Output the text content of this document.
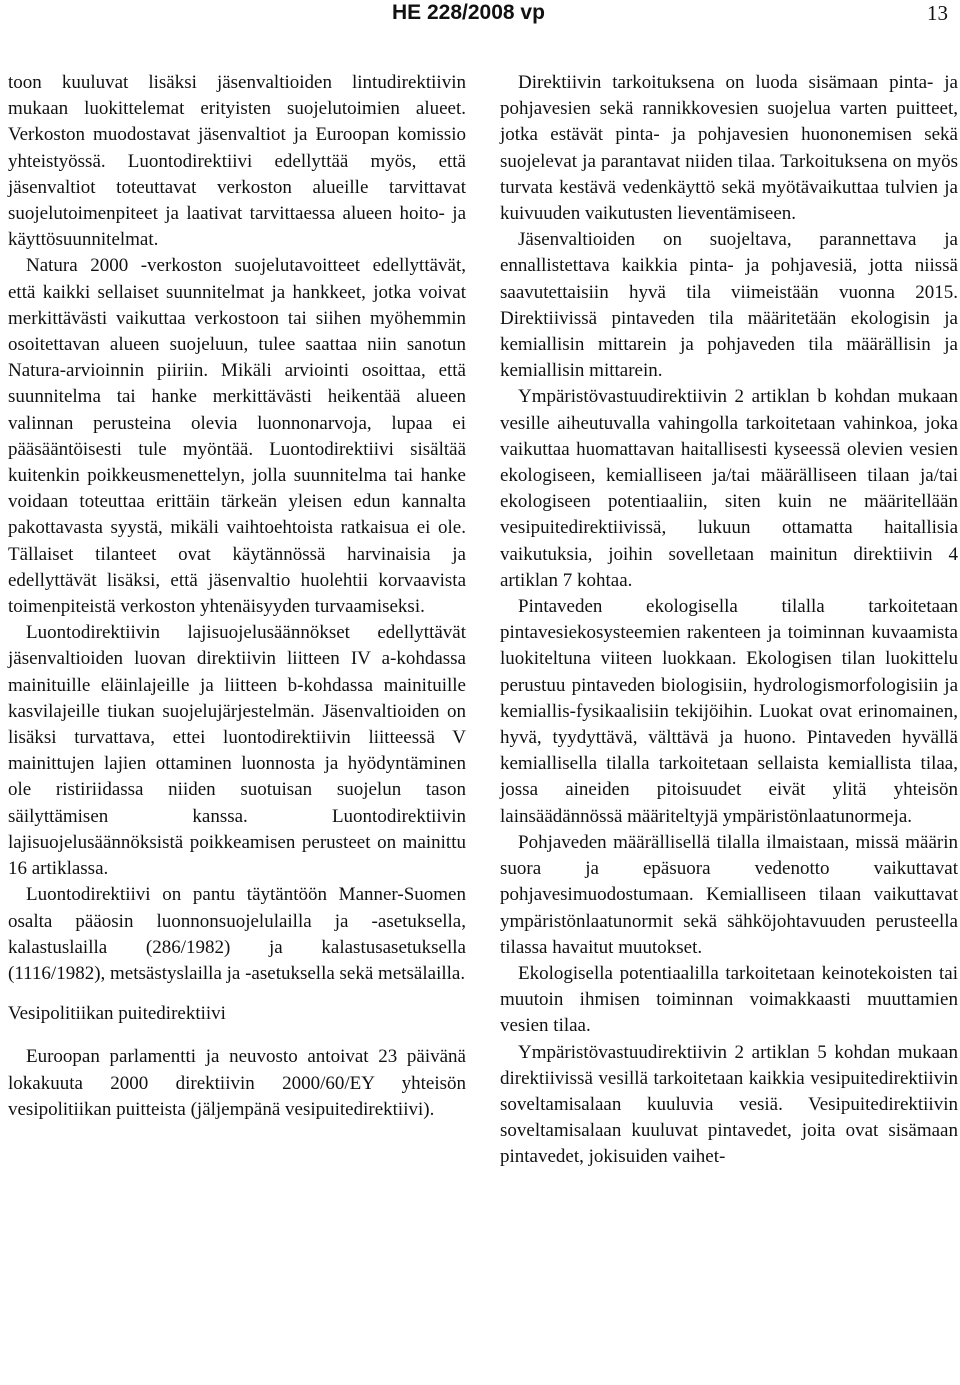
HE 228/2008 vp	13

toon kuuluvat lisäksi jäsenvaltioiden lintudirektiivin mukaan luokittelemat erityisten suojelutoimien alueet. Verkoston muodostavat jäsenvaltiot ja Euroopan komissio yhteistyössä. Luontodirektiivi edellyttää myös, että jäsenvaltiot toteuttavat verkoston alueille tarvittavat suojelutoimenpiteet ja laativat tarvittaessa alueen hoito- ja käyttösuunnitelmat.

Natura 2000 -verkoston suojelutavoitteet edellyttävät, että kaikki sellaiset suunnitelmat ja hankkeet, jotka voivat merkittävästi vaikuttaa verkostoon tai siihen myöhemmin osoitettavan alueen suojeluun, tulee saattaa niin sanotun Natura-arvioinnin piiriin. Mikäli arviointi osoittaa, että suunnitelma tai hanke merkittävästi heikentää alueen valinnan perusteina olevia luonnonarvoja, lupaa ei pääsääntöisesti tule myöntää. Luontodirektiivi sisältää kuitenkin poikkeusmenettelyn, jolla suunnitelma tai hanke voidaan toteuttaa erittäin tärkeän yleisen edun kannalta pakottavasta syystä, mikäli vaihtoehtoista ratkaisua ei ole. Tällaiset tilanteet ovat käytännössä harvinaisia ja edellyttävät lisäksi, että jäsenvaltio huolehtii korvaavista toimenpiteistä verkoston yhtenäisyyden turvaamiseksi.

Luontodirektiivin lajisuojelusäännökset edellyttävät jäsenvaltioiden luovan direktiivin liitteen IV a-kohdassa mainituille eläinlajeille ja liitteen b-kohdassa mainituille kasvilajeille tiukan suojelujärjestelmän. Jäsenvaltioiden on lisäksi turvattava, ettei luontodirektiivin liitteessä V mainittujen lajien ottaminen luonnosta ja hyödyntäminen ole ristiriidassa niiden suotuisan suojelun tason säilyttämisen kanssa. Luontodirektiivin lajisuojelusäännöksistä poikkeamisen perusteet on mainittu 16 artiklassa.

Luontodirektiivi on pantu täytäntöön Manner-Suomen osalta pääosin luonnonsuojelulailla ja -asetuksella, kalastuslailla (286/1982) ja kalastusasetuksella (1116/1982), metsästyslailla ja -asetuksella sekä metsälailla.

Vesipolitiikan puitedirektiivi

Euroopan parlamentti ja neuvosto antoivat 23 päivänä lokakuuta 2000 direktiivin 2000/60/EY yhteisön vesipolitiikan puitteista (jäljempänä vesipuitedirektiivi).

Direktiivin tarkoituksena on luoda sisämaan pinta- ja pohjavesien sekä rannikkovesien suojelua varten puitteet, jotka estävät pinta- ja pohjavesien huononemisen sekä suojelevat ja parantavat niiden tilaa. Tarkoituksena on myös turvata kestävä vedenkäyttö sekä myötävaikuttaa tulvien ja kuivuuden vaikutusten lieventämiseen.

Jäsenvaltioiden on suojeltava, parannettava ja ennallistettava kaikkia pinta- ja pohjavesiä, jotta niissä saavutettaisiin hyvä tila viimeistään vuonna 2015. Direktiivissä pintaveden tila määritetään ekologisin ja kemiallisin mittarein ja pohjaveden tila määrällisin ja kemiallisin mittarein.

Ympäristövastuudirektiivin 2 artiklan b kohdan mukaan vesille aiheutuvalla vahingolla tarkoitetaan vahinkoa, joka vaikuttaa huomattavan haitallisesti kyseessä olevien vesien ekologiseen, kemialliseen ja/tai määrälliseen tilaan ja/tai ekologiseen potentiaaliin, siten kuin ne määritellään vesipuitedirektiivissä, lukuun ottamatta haitallisia vaikutuksia, joihin sovelletaan mainitun direktiivin 4 artiklan 7 kohtaa.

Pintaveden ekologisella tilalla tarkoitetaan pintavesiekosysteemien rakenteen ja toiminnan kuvaamista luokiteltuna viiteen luokkaan. Ekologisen tilan luokittelu perustuu pintaveden biologisiin, hydrologismorfologisiin ja kemiallis-fysikaalisiin tekijöihin. Luokat ovat erinomainen, hyvä, tyydyttävä, välttävä ja huono. Pintaveden hyvällä kemiallisella tilalla tarkoitetaan sellaista kemiallista tilaa, jossa aineiden pitoisuudet eivät ylitä yhteisön lainsäädännössä määriteltyjä ympäristönlaatunormeja.

Pohjaveden määrällisellä tilalla ilmaistaan, missä määrin suora ja epäsuora vedenotto vaikuttavat pohjavesimuodostumaan. Kemialliseen tilaan vaikuttavat ympäristönlaatunormit sekä sähköjohtavuuden perusteella tilassa havaitut muutokset.

Ekologisella potentiaalilla tarkoitetaan keinotekoisten tai muutoin ihmisen toiminnan voimakkaasti muuttamien vesien tilaa.

Ympäristövastuudirektiivin 2 artiklan 5 kohdan mukaan direktiivissä vesillä tarkoitetaan kaikkia vesipuitedirektiivin soveltamisalaan kuuluvia vesiä. Vesipuitedirektiivin soveltamisalaan kuuluvat pintavedet, joita ovat sisämaan pintavedet, jokisuiden vaihet-
